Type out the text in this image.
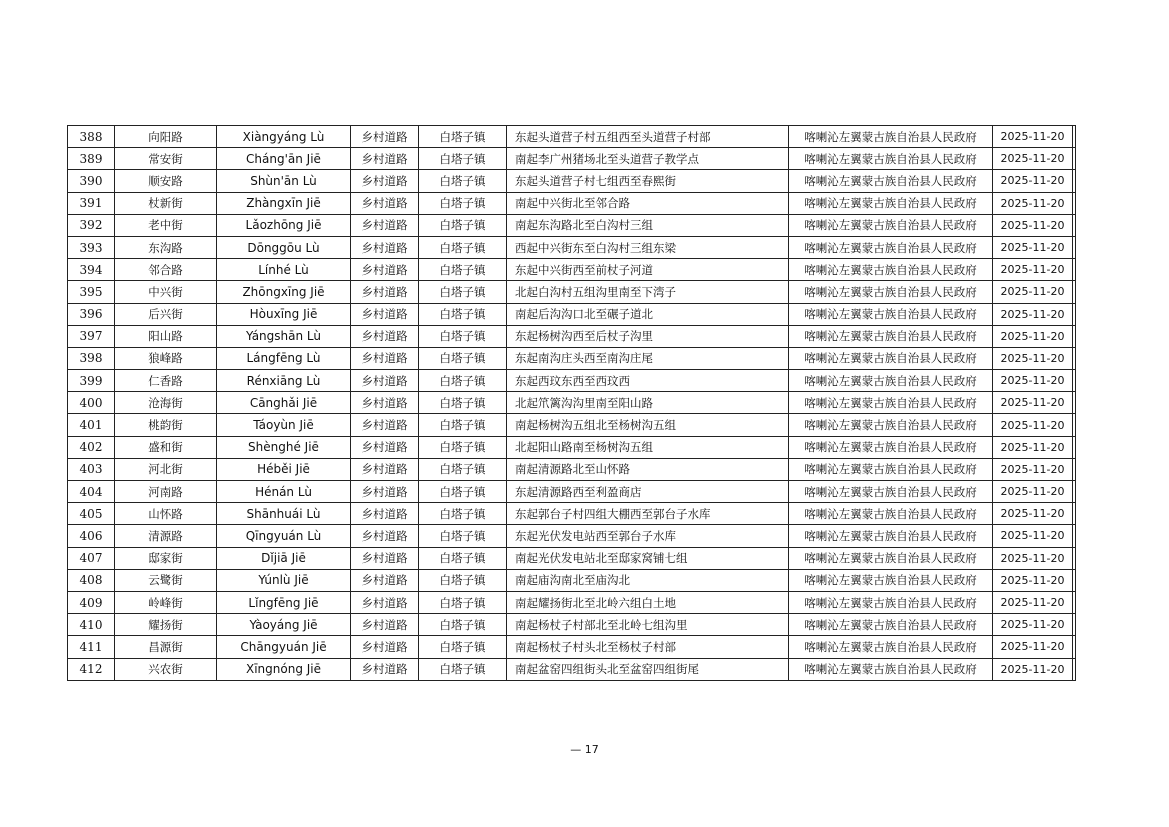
388	向阳路	Xiàngyáng Lù	乡村道路	白塔子镇	东起头道营子村五组西至头道营子村部	喀喇沁左翼蒙古族自治县人民政府	2025-11-20	
389	常安街	Cháng'ān Jiē	乡村道路	白塔子镇	南起李广州猪场北至头道营子教学点	喀喇沁左翼蒙古族自治县人民政府	2025-11-20	
390	顺安路	Shùn'ān Lù	乡村道路	白塔子镇	东起头道营子村七组西至春熙街	喀喇沁左翼蒙古族自治县人民政府	2025-11-20	
391	杖新街	Zhàngxīn Jiē	乡村道路	白塔子镇	南起中兴街北至邻合路	喀喇沁左翼蒙古族自治县人民政府	2025-11-20	
392	老中街	Lǎozhōng Jiē	乡村道路	白塔子镇	南起东沟路北至白沟村三组	喀喇沁左翼蒙古族自治县人民政府	2025-11-20	
393	东沟路	Dōnggōu Lù	乡村道路	白塔子镇	西起中兴街东至白沟村三组东梁	喀喇沁左翼蒙古族自治县人民政府	2025-11-20	
394	邻合路	Línhé Lù	乡村道路	白塔子镇	东起中兴街西至前杖子河道	喀喇沁左翼蒙古族自治县人民政府	2025-11-20	
395	中兴街	Zhōngxīng Jiē	乡村道路	白塔子镇	北起白沟村五组沟里南至下湾子	喀喇沁左翼蒙古族自治县人民政府	2025-11-20	
396	后兴街	Hòuxīng Jiē	乡村道路	白塔子镇	南起后沟沟口北至碾子道北	喀喇沁左翼蒙古族自治县人民政府	2025-11-20	
397	阳山路	Yángshān Lù	乡村道路	白塔子镇	东起杨树沟西至后杖子沟里	喀喇沁左翼蒙古族自治县人民政府	2025-11-20	
398	狼峰路	Lángfēng Lù	乡村道路	白塔子镇	东起南沟庄头西至南沟庄尾	喀喇沁左翼蒙古族自治县人民政府	2025-11-20	
399	仁香路	Rénxiāng Lù	乡村道路	白塔子镇	东起西玟东西至西玟西	喀喇沁左翼蒙古族自治县人民政府	2025-11-20	
400	沧海街	Cānghǎi Jiē	乡村道路	白塔子镇	北起笊篱沟沟里南至阳山路	喀喇沁左翼蒙古族自治县人民政府	2025-11-20	
401	桃韵街	Táoyùn Jiē	乡村道路	白塔子镇	南起杨树沟五组北至杨树沟五组	喀喇沁左翼蒙古族自治县人民政府	2025-11-20	
402	盛和街	Shènghé Jiē	乡村道路	白塔子镇	北起阳山路南至杨树沟五组	喀喇沁左翼蒙古族自治县人民政府	2025-11-20	
403	河北街	Héběi Jiē	乡村道路	白塔子镇	南起清源路北至山怀路	喀喇沁左翼蒙古族自治县人民政府	2025-11-20	
404	河南路	Hénán Lù	乡村道路	白塔子镇	东起清源路西至利盈商店	喀喇沁左翼蒙古族自治县人民政府	2025-11-20	
405	山怀路	Shānhuái Lù	乡村道路	白塔子镇	东起郭台子村四组大棚西至郭台子水库	喀喇沁左翼蒙古族自治县人民政府	2025-11-20	
406	清源路	Qīngyuán Lù	乡村道路	白塔子镇	东起光伏发电站西至郭台子水库	喀喇沁左翼蒙古族自治县人民政府	2025-11-20	
407	邸家街	Dǐjiā Jiē	乡村道路	白塔子镇	南起光伏发电站北至邸家窝铺七组	喀喇沁左翼蒙古族自治县人民政府	2025-11-20	
408	云鹭街	Yúnlù Jiē	乡村道路	白塔子镇	南起庙沟南北至庙沟北	喀喇沁左翼蒙古族自治县人民政府	2025-11-20	
409	岭峰街	Lǐngfēng Jiē	乡村道路	白塔子镇	南起耀扬街北至北岭六组白土地	喀喇沁左翼蒙古族自治县人民政府	2025-11-20	
410	耀扬街	Yàoyáng Jiē	乡村道路	白塔子镇	南起杨杖子村部北至北岭七组沟里	喀喇沁左翼蒙古族自治县人民政府	2025-11-20	
411	昌源街	Chāngyuán Jiē	乡村道路	白塔子镇	南起杨杖子村头北至杨杖子村部	喀喇沁左翼蒙古族自治县人民政府	2025-11-20	
412	兴农街	Xīngnóng Jiē	乡村道路	白塔子镇	南起盆窑四组街头北至盆窑四组街尾	喀喇沁左翼蒙古族自治县人民政府	2025-11-20	
— 17
